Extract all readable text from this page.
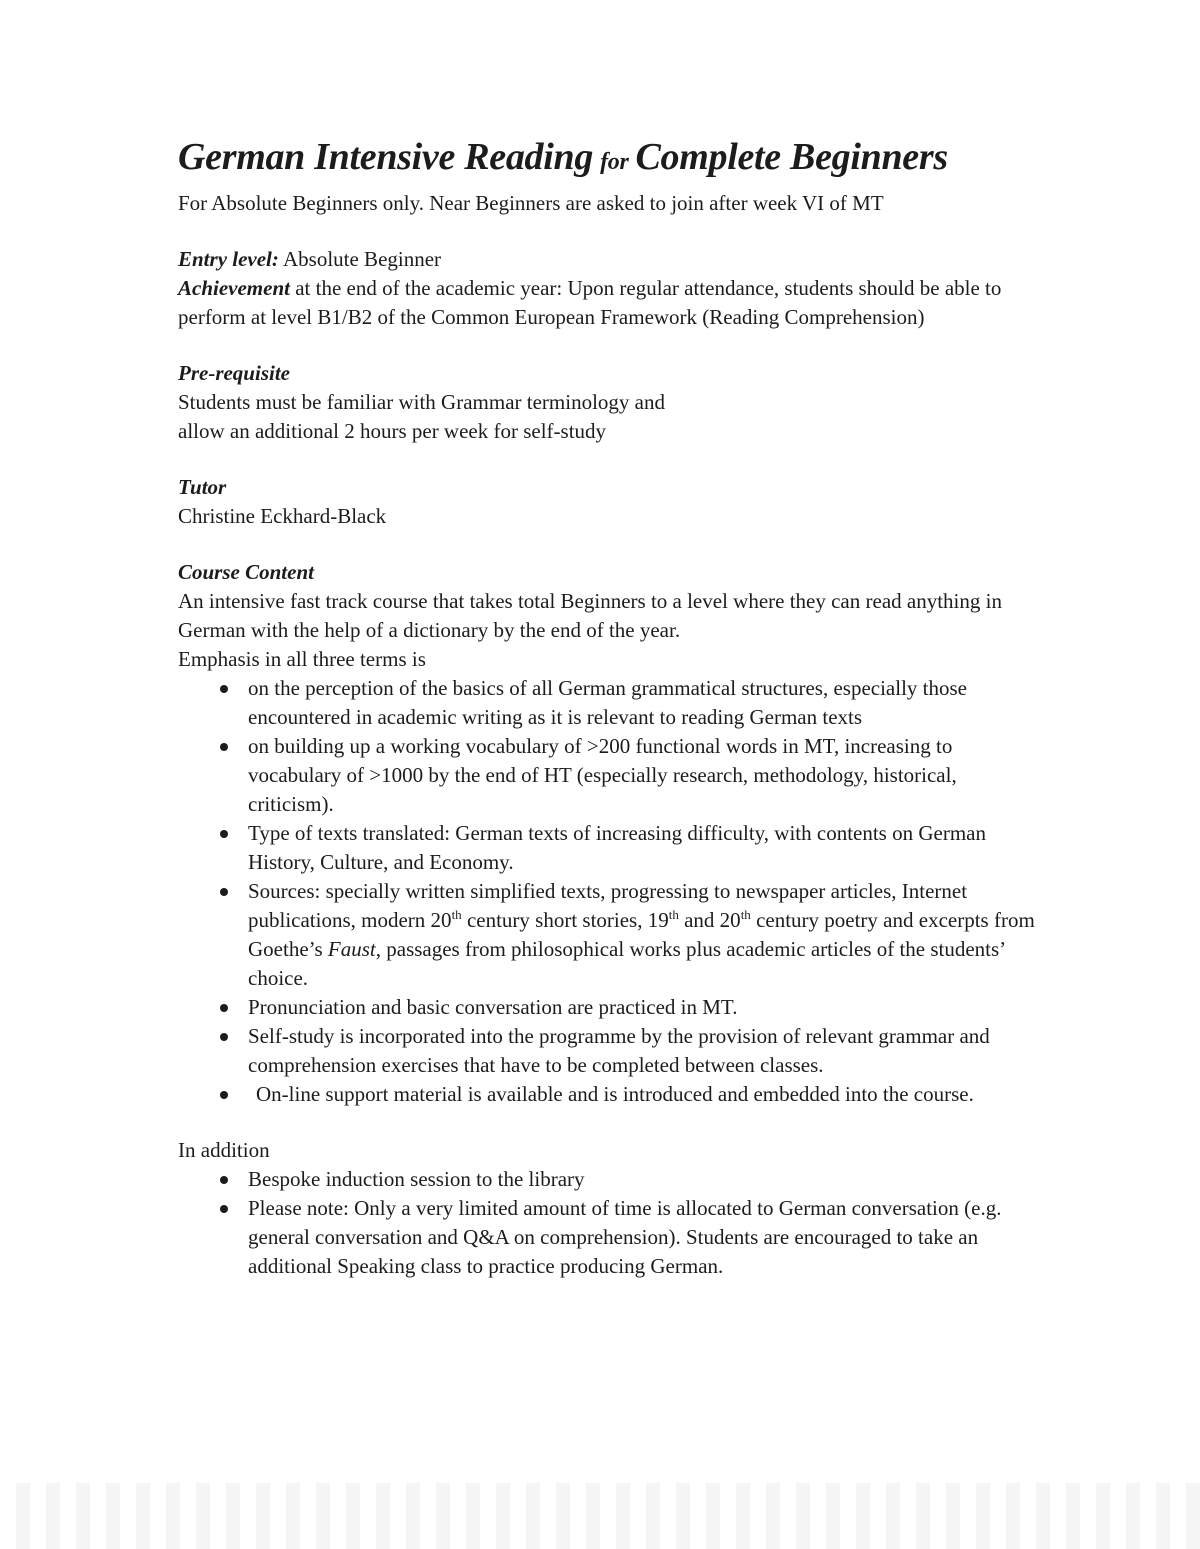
German Intensive Reading for Complete Beginners

For Absolute Beginners only. Near Beginners are asked to join after week VI of MT

Entry level: Absolute Beginner

Achievement at the end of the academic year: Upon regular attendance, students should be able to perform at level B1/B2 of the Common European Framework (Reading Comprehension)

Pre-requisite

Students must be familiar with Grammar terminology and

allow an additional 2 hours per week for self-study

Tutor

Christine Eckhard-Black

Course Content

An intensive fast track course that takes total Beginners to a level where they can read anything in German with the help of a dictionary by the end of the year.

Emphasis in all three terms is

on the perception of the basics of all German grammatical structures, especially those encountered in academic writing as it is relevant to reading German texts
on building up a working vocabulary of >200 functional words in MT, increasing to vocabulary of >1000 by the end of HT (especially research, methodology, historical, criticism).
Type of texts translated: German texts of increasing difficulty, with contents on German History, Culture, and Economy.
Sources: specially written simplified texts, progressing to newspaper articles, Internet publications, modern 20th century short stories, 19th and 20th century poetry and excerpts from Goethe’s Faust, passages from philosophical works plus academic articles of the students’ choice.
Pronunciation and basic conversation are practiced in MT.
Self-study is incorporated into the programme by the provision of relevant grammar and comprehension exercises that have to be completed between classes.
On-line support material is available and is introduced and embedded into the course.

In addition

Bespoke induction session to the library
Please note: Only a very limited amount of time is allocated to German conversation (e.g. general conversation and Q&A on comprehension). Students are encouraged to take an additional Speaking class to practice producing German.
